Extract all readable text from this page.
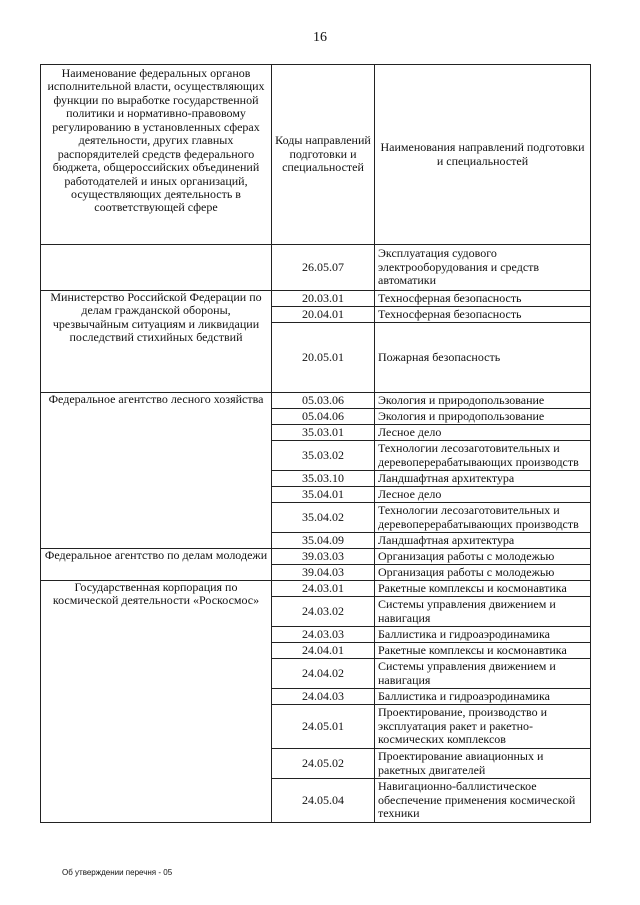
16
Наименование федеральных органов исполнительной власти, осуществляющих функции по выработке государственной политики и нормативно-правовому регулированию в установленных сферах деятельности, других главных распорядителей средств федерального бюджета, общероссийских объединений работодателей и иных организаций, осуществляющих деятельность в соответствующей сфере	Коды направлений подготовки и специальностей	Наименования направлений подготовки и специальностей
	26.05.07	Эксплуатация судового электрооборудования и средств автоматики
Министерство Российской Федерации по делам гражданской обороны, чрезвычайным ситуациям и ликвидации последствий стихийных бедствий	20.03.01	Техносферная безопасность
	20.04.01	Техносферная безопасность
	20.05.01	Пожарная безопасность
Федеральное агентство лесного хозяйства	05.03.06	Экология и природопользование
	05.04.06	Экология и природопользование
	35.03.01	Лесное дело
	35.03.02	Технологии лесозаготовительных и деревоперерабатывающих производств
	35.03.10	Ландшафтная архитектура
	35.04.01	Лесное дело
	35.04.02	Технологии лесозаготовительных и деревоперерабатывающих производств
	35.04.09	Ландшафтная архитектура
Федеральное агентство по делам молодежи	39.03.03	Организация работы с молодежью
	39.04.03	Организация работы с молодежью
Государственная корпорация по космической деятельности «Роскосмос»	24.03.01	Ракетные комплексы и космонавтика
	24.03.02	Системы управления движением и навигация
	24.03.03	Баллистика и гидроаэродинамика
	24.04.01	Ракетные комплексы и космонавтика
	24.04.02	Системы управления движением и навигация
	24.04.03	Баллистика и гидроаэродинамика
	24.05.01	Проектирование, производство и эксплуатация ракет и ракетно-космических комплексов
	24.05.02	Проектирование авиационных и ракетных двигателей
	24.05.04	Навигационно-баллистическое обеспечение применения космической техники
Об утверждении перечня - 05
